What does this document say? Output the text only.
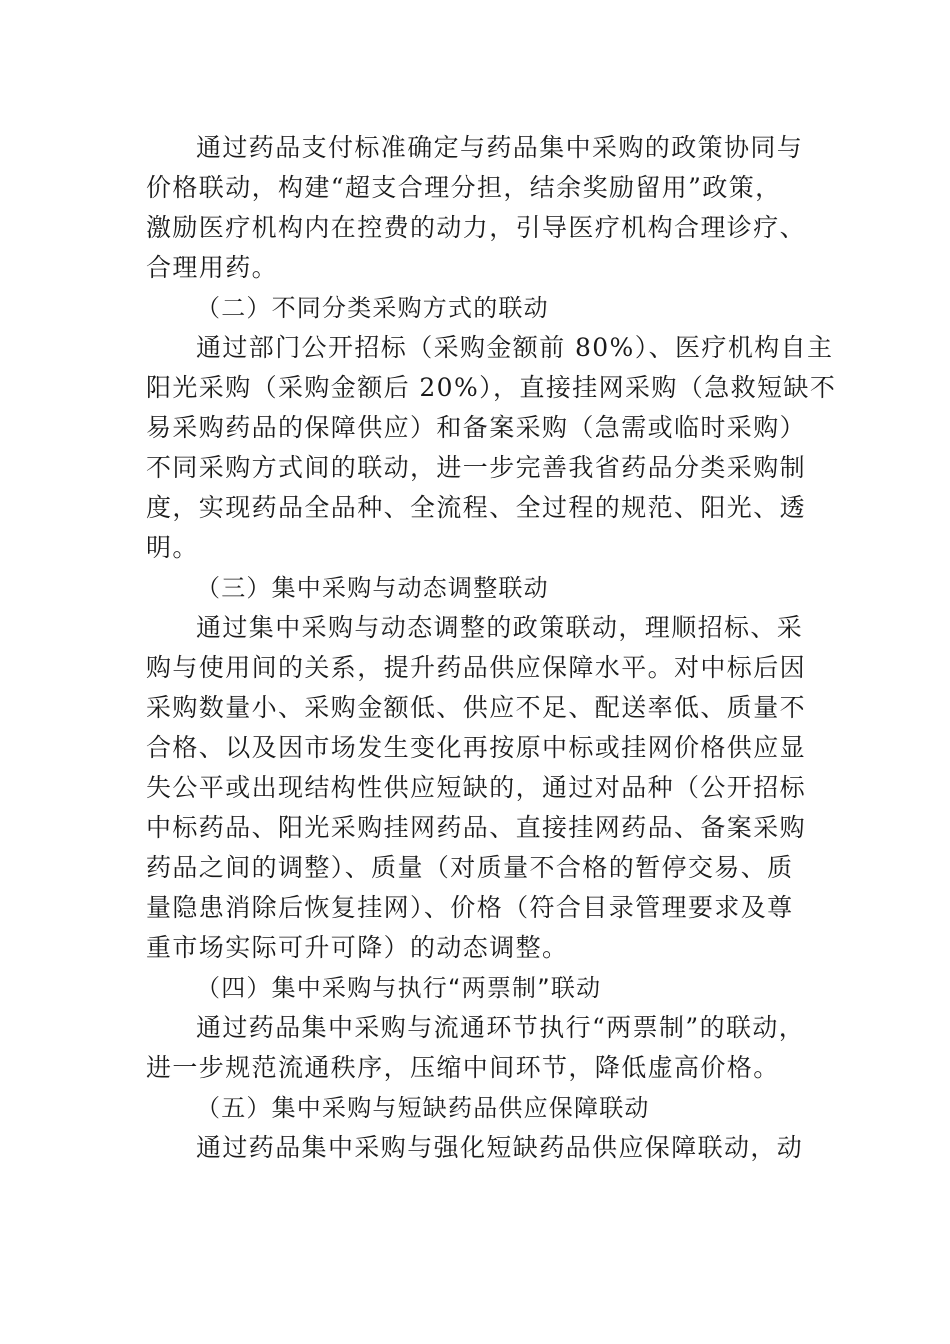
通过药品支付标准确定与药品集中采购的政策协同与
价格联动，构建“超支合理分担，结余奖励留用”政策，
激励医疗机构内在控费的动力，引导医疗机构合理诊疗、
合理用药。
（二）不同分类采购方式的联动
通过部门公开招标（采购金额前 80%）、医疗机构自主
阳光采购（采购金额后 20%），直接挂网采购（急救短缺不
易采购药品的保障供应）和备案采购（急需或临时采购）
不同采购方式间的联动，进一步完善我省药品分类采购制
度，实现药品全品种、全流程、全过程的规范、阳光、透
明。
（三）集中采购与动态调整联动
通过集中采购与动态调整的政策联动，理顺招标、采
购与使用间的关系，提升药品供应保障水平。对中标后因
采购数量小、采购金额低、供应不足、配送率低、质量不
合格、以及因市场发生变化再按原中标或挂网价格供应显
失公平或出现结构性供应短缺的，通过对品种（公开招标
中标药品、阳光采购挂网药品、直接挂网药品、备案采购
药品之间的调整）、质量（对质量不合格的暂停交易、质
量隐患消除后恢复挂网）、价格（符合目录管理要求及尊
重市场实际可升可降）的动态调整。
（四）集中采购与执行“两票制”联动
通过药品集中采购与流通环节执行“两票制”的联动，
进一步规范流通秩序，压缩中间环节，降低虚高价格。
（五）集中采购与短缺药品供应保障联动
通过药品集中采购与强化短缺药品供应保障联动，动
